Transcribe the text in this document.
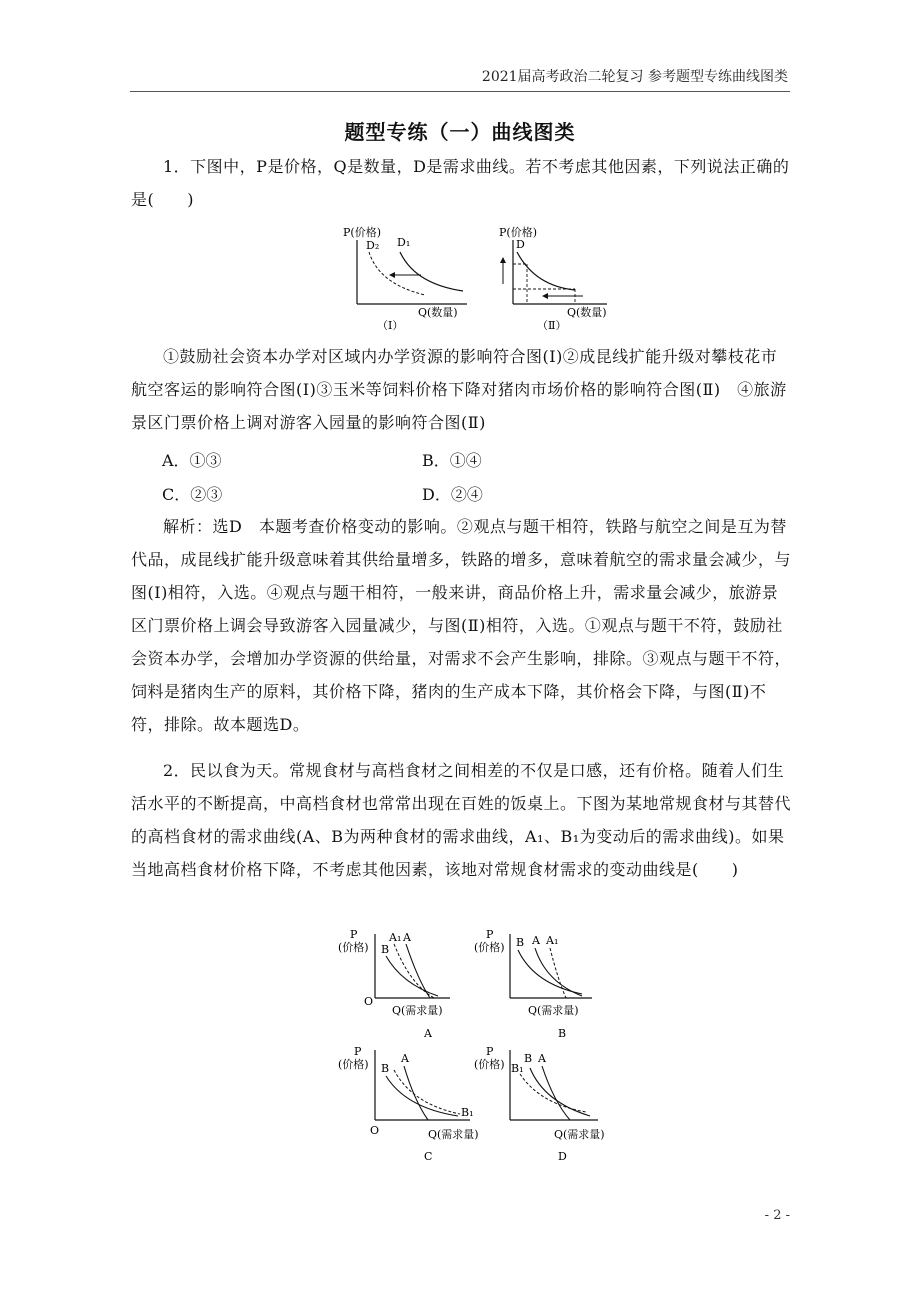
2021届高考政治二轮复习 参考题型专练曲线图类
题型专练（一）曲线图类

1．下图中，P是价格，Q是数量，D是需求曲线。若不考虑其他因素，下列说法正确的是(　　)

P(价格)
D₂ D₁
Q(数量)
（Ⅰ）
P(价格)
D
Q(数量)
（Ⅱ）

①鼓励社会资本办学对区域内办学资源的影响符合图(Ⅰ)②成昆线扩能升级对攀枝花市航空客运的影响符合图(Ⅰ)③玉米等饲料价格下降对猪肉市场价格的影响符合图(Ⅱ)　④旅游景区门票价格上调对游客入园量的影响符合图(Ⅱ)

A．①③	B．①④
C．②③	D．②④

解析：选D　本题考查价格变动的影响。②观点与题干相符，铁路与航空之间是互为替代品，成昆线扩能升级意味着其供给量增多，铁路的增多，意味着航空的需求量会减少，与图(Ⅰ)相符，入选。④观点与题干相符，一般来讲，商品价格上升，需求量会减少，旅游景区门票价格上调会导致游客入园量减少，与图(Ⅱ)相符，入选。①观点与题干不符，鼓励社会资本办学，会增加办学资源的供给量，对需求不会产生影响，排除。③观点与题干不符，饲料是猪肉生产的原料，其价格下降，猪肉的生产成本下降，其价格会下降，与图(Ⅱ)不符，排除。故本题选D。

2．民以食为天。常规食材与高档食材之间相差的不仅是口感，还有价格。随着人们生活水平的不断提高，中高档食材也常常出现在百姓的饭桌上。下图为某地常规食材与其替代的高档食材的需求曲线(A、B为两种食材的需求曲线，A₁、B₁为变动后的需求曲线)。如果当地高档食材价格下降，不考虑其他因素，该地对常规食材需求的变动曲线是(　　)

P
(价格)
O
B
A₁ A
Q(需求量)
A
P
(价格) B A A₁
Q(需求量)
B
P
(价格)
O
B
A
B₁
Q(需求量)
C
P
(价格) B₁
B A
Q(需求量)
D
- 2 -
